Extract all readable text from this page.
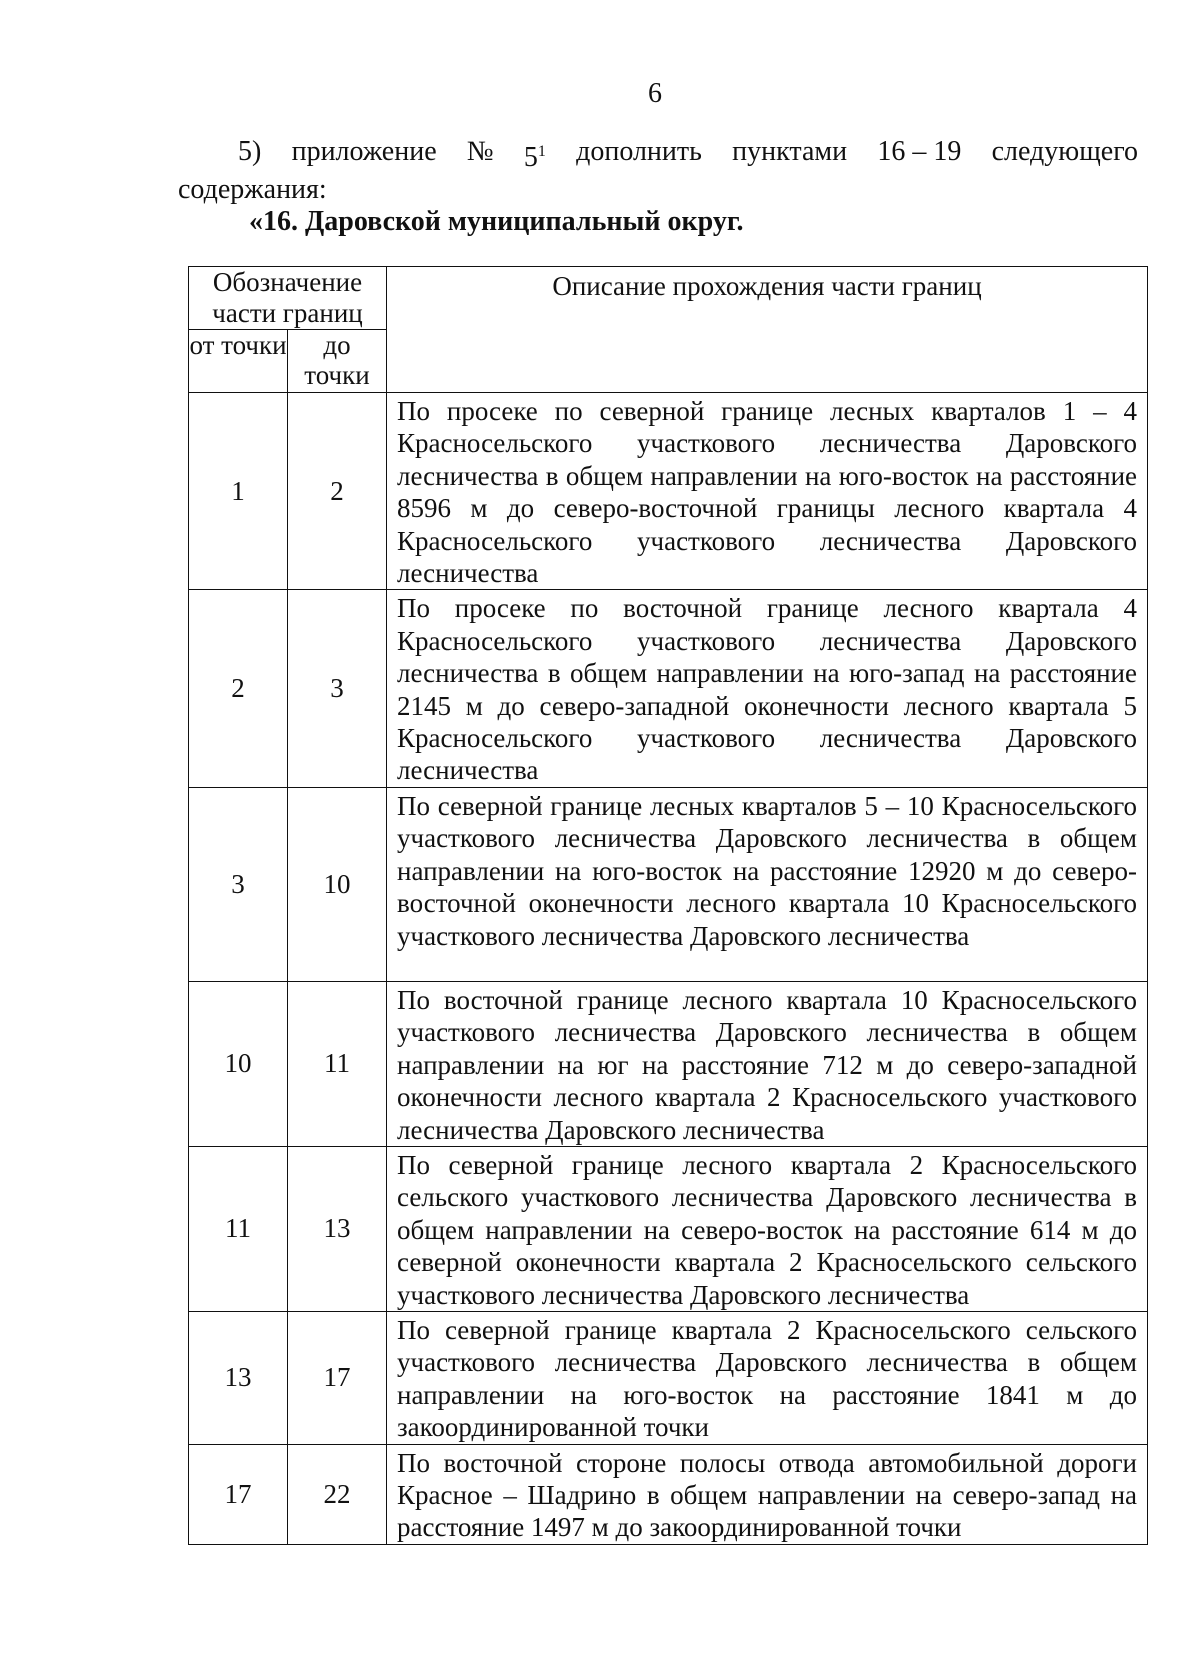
6
5) приложение № $5^1$ дополнить пунктами 16 – 19 следующего
содержания:
«16. Даровской муниципальный округ.
Обозначение части границ		Описание прохождения части границ
от точки	до точки	
1	2	По просеке по северной границе лесных кварталов 1 – 4 Красносельского участкового лесничества Даровского лесничества в общем направлении на юго-восток на расстояние 8596 м до северо-восточной границы лесного квартала 4 Красносельского участкового лесничества Даровского лесничества
2	3	По просеке по восточной границе лесного квартала 4 Красносельского участкового лесничества Даровского лесничества в общем направлении на юго-запад на расстояние 2145 м до северо-западной оконечности лесного квартала 5 Красносельского участкового лесничества Даровского лесничества
3	10	По северной границе лесных кварталов 5 – 10 Красносельского участкового лесничества Даровского лесничества в общем направлении на юго-восток на расстояние 12920 м до северо-восточной оконечности лесного квартала 10 Красносельского участкового лесничества Даровского лесничества
10	11	По восточной границе лесного квартала 10 Красносельского участкового лесничества Даровского лесничества в общем направлении на юг на расстояние 712 м до северо-западной оконечности лесного квартала 2 Красносельского участкового лесничества Даровского лесничества
11	13	По северной границе лесного квартала 2 Красносельского сельского участкового лесничества Даровского лесничества в общем направлении на северо-восток на расстояние 614 м до северной оконечности квартала 2 Красносельского сельского участкового лесничества Даровского лесничества
13	17	По северной границе квартала 2 Красносельского сельского участкового лесничества Даровского лесничества в общем направлении на юго-восток на расстояние 1841 м до закоординированной точки
17	22	По восточной стороне полосы отвода автомобильной дороги Красное – Шадрино в общем направлении на северо-запад на расстояние 1497 м до закоординированной точки
